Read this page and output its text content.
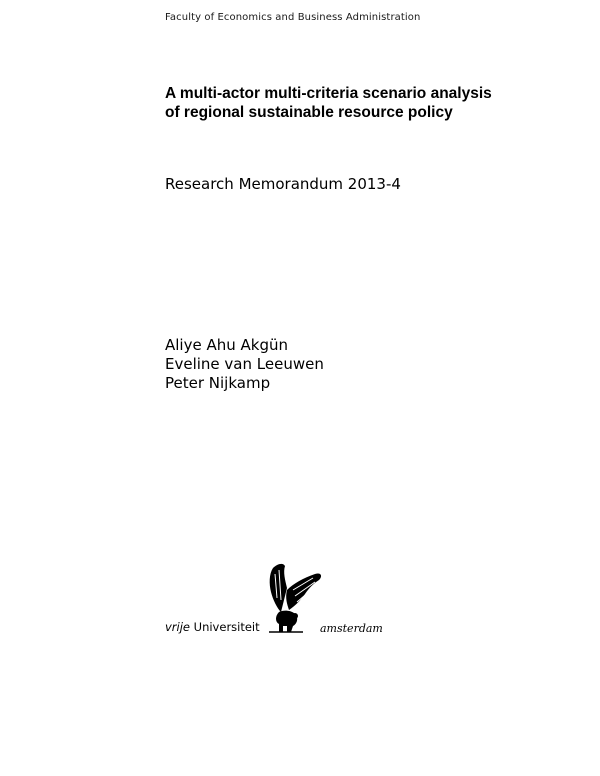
Faculty of Economics and Business Administration
A multi-actor multi-criteria scenario analysis
of regional sustainable resource policy
Research Memorandum 2013-4
Aliye Ahu Akgün
Eveline van Leeuwen
Peter Nijkamp
vrije Universiteit	amsterdam
